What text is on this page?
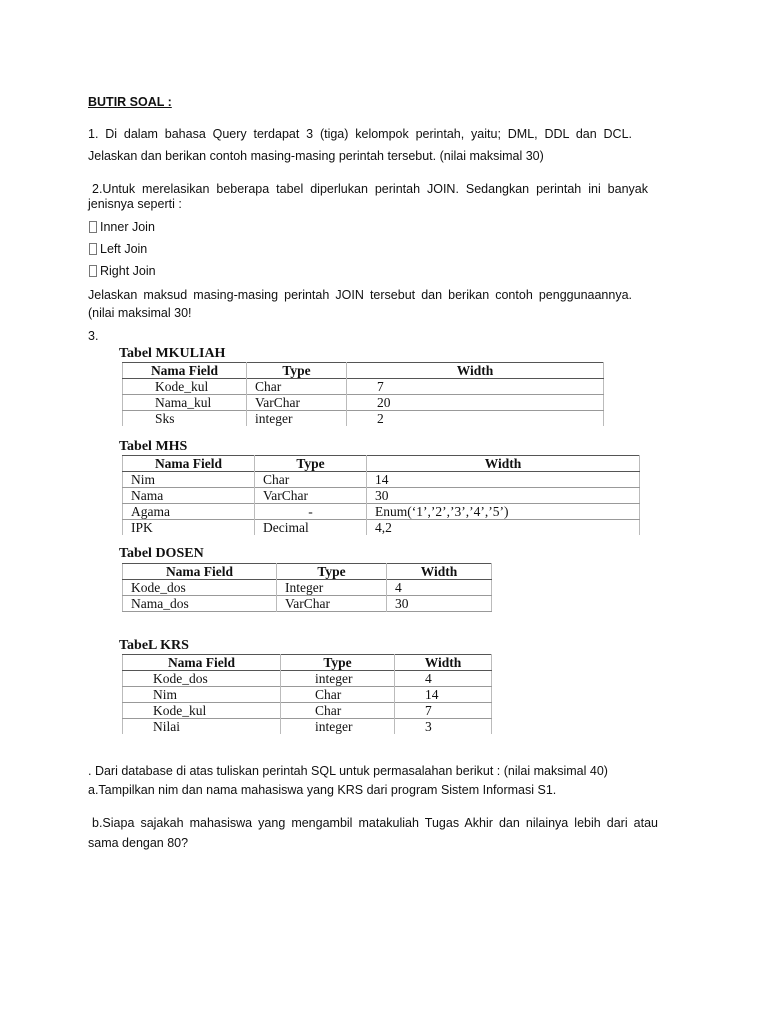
BUTIR SOAL :
1. Di dalam bahasa Query terdapat 3 (tiga) kelompok perintah, yaitu; DML, DDL dan DCL.
Jelaskan dan berikan contoh masing-masing perintah tersebut. (nilai maksimal 30)
2.Untuk merelasikan beberapa tabel diperlukan perintah JOIN. Sedangkan perintah ini banyak
jenisnya seperti :
Inner Join
Left Join
Right Join
Jelaskan maksud masing-masing perintah JOIN tersebut dan berikan contoh penggunaannya.
(nilai maksimal 30!
3.
Tabel MKULIAH
Nama Field	Type	Width
Kode_kul	Char	7
Nama_kul	VarChar	20
Sks	integer	2
Tabel MHS
Nama Field	Type	Width
Nim	Char	14
Nama	VarChar	30
Agama	-	Enum(‘1’,’2’,’3’,’4’,’5’)
IPK	Decimal	4,2
Tabel DOSEN
Nama Field	Type	Width
Kode_dos	Integer	4
Nama_dos	VarChar	30
TabeL KRS
Nama Field	Type	Width
Kode_dos	integer	4
Nim	Char	14
Kode_kul	Char	7
Nilai	integer	3
. Dari database di atas tuliskan perintah SQL untuk permasalahan berikut : (nilai maksimal 40)
a.Tampilkan nim dan nama mahasiswa yang KRS dari program Sistem Informasi S1.
b.Siapa sajakah mahasiswa yang mengambil matakuliah Tugas Akhir dan nilainya lebih dari atau
sama dengan 80?
